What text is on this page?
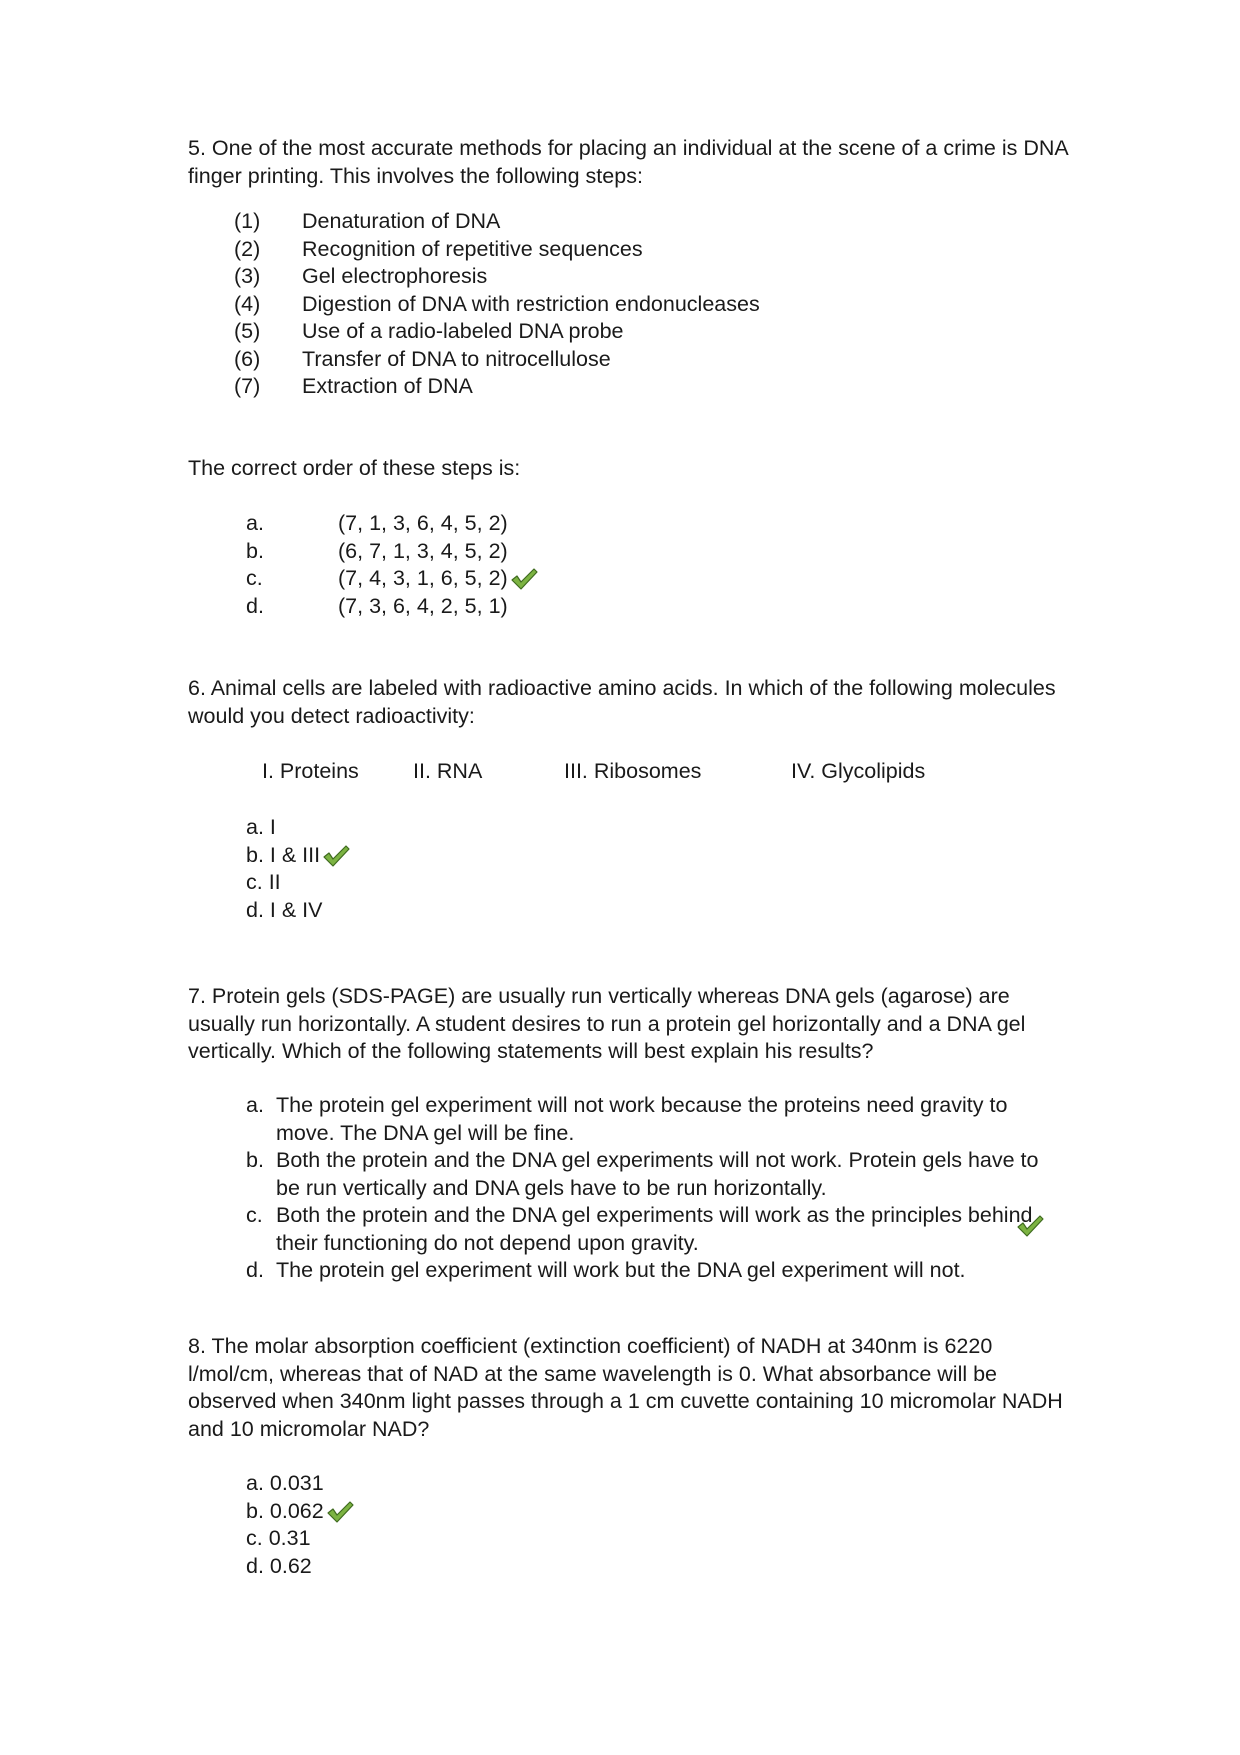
5. One of the most accurate methods for placing an individual at the scene of a crime is DNA finger printing. This involves the following steps:

(1) Denaturation of DNA
(2) Recognition of repetitive sequences
(3) Gel electrophoresis
(4) Digestion of DNA with restriction endonucleases
(5) Use of a radio-labeled DNA probe
(6) Transfer of DNA to nitrocellulose
(7) Extraction of DNA

The correct order of these steps is:

a.	(7, 1, 3, 6, 4, 5, 2)
b.	(6, 7, 1, 3, 4, 5, 2)
c.	(7, 4, 3, 1, 6, 5, 2)
d.	(7, 3, 6, 4, 2, 5, 1)

6. Animal cells are labeled with radioactive amino acids. In which of the following molecules would you detect radioactivity:

I. Proteins	II. RNA	III. Ribosomes	IV. Glycolipids
a. I
b. I & III
c. II
d. I & IV

7. Protein gels (SDS-PAGE) are usually run vertically whereas DNA gels (agarose) are usually run horizontally. A student desires to run a protein gel horizontally and a DNA gel vertically. Which of the following statements will best explain his results?

a. The protein gel experiment will not work because the proteins need gravity to move. The DNA gel will be fine.
b. Both the protein and the DNA gel experiments will not work. Protein gels have to be run vertically and DNA gels have to be run horizontally.
c. Both the protein and the DNA gel experiments will work as the principles behind their functioning do not depend upon gravity.
d. The protein gel experiment will work but the DNA gel experiment will not.

8. The molar absorption coefficient (extinction coefficient) of NADH at 340nm is 6220 l/mol/cm, whereas that of NAD at the same wavelength is 0. What absorbance will be observed when 340nm light passes through a 1 cm cuvette containing 10 micromolar NADH and 10 micromolar NAD?

a. 0.031
b. 0.062
c. 0.31
d. 0.62
